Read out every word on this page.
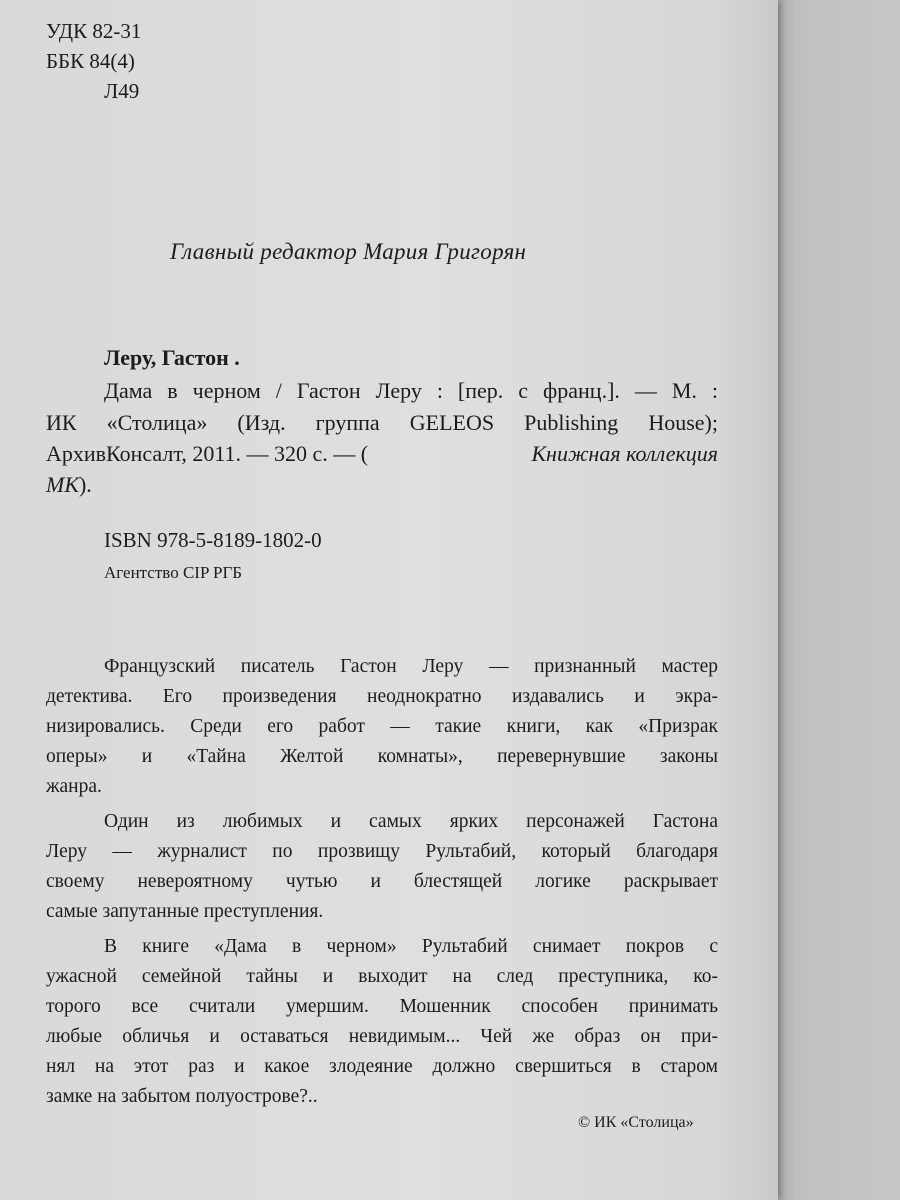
УДК 82-31
ББК 84(4)
Л49
Главный редактор Мария Григорян
Леру, Гастон .
Дама в черном / Гастон Леру : [пер. с франц.]. — М. :
ИК «Столица» (Изд. группа GELEOS Publishing House);
АрхивКонсалт, 2011. — 320 с. — (	Книжная коллекция
МК).
ISBN 978-5-8189-1802-0
Агентство CIP РГБ
Французский писатель Гастон Леру — признанный мастер
детектива. Его произведения неоднократно издавались и экра-
низировались. Среди его работ — такие книги, как «Призрак
оперы» и «Тайна Желтой комнаты», перевернувшие законы
жанра.
Один из любимых и самых ярких персонажей Гастона
Леру — журналист по прозвищу Рультабий, который благодаря
своему невероятному чутью и блестящей логике раскрывает
самые запутанные преступления.
В книге «Дама в черном» Рультабий снимает покров с
ужасной семейной тайны и выходит на след преступника, ко-
торого все считали умершим. Мошенник способен принимать
любые обличья и оставаться невидимым... Чей же образ он при-
нял на этот раз и какое злодеяние должно свершиться в старом
замке на забытом полуострове?..
© ИК «Столица»
